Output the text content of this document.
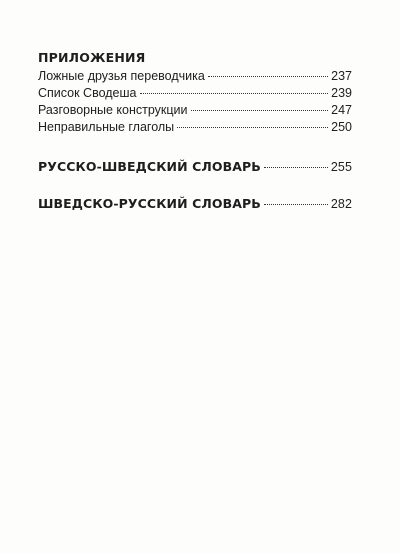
ПРИЛОЖЕНИЯ
Ложные друзья переводчика	237
Список Сводеша	239
Разговорные конструкции	247
Неправильные глаголы	250
РУССКО-ШВЕДСКИЙ СЛОВАРЬ	255
ШВЕДСКО-РУССКИЙ СЛОВАРЬ	282
